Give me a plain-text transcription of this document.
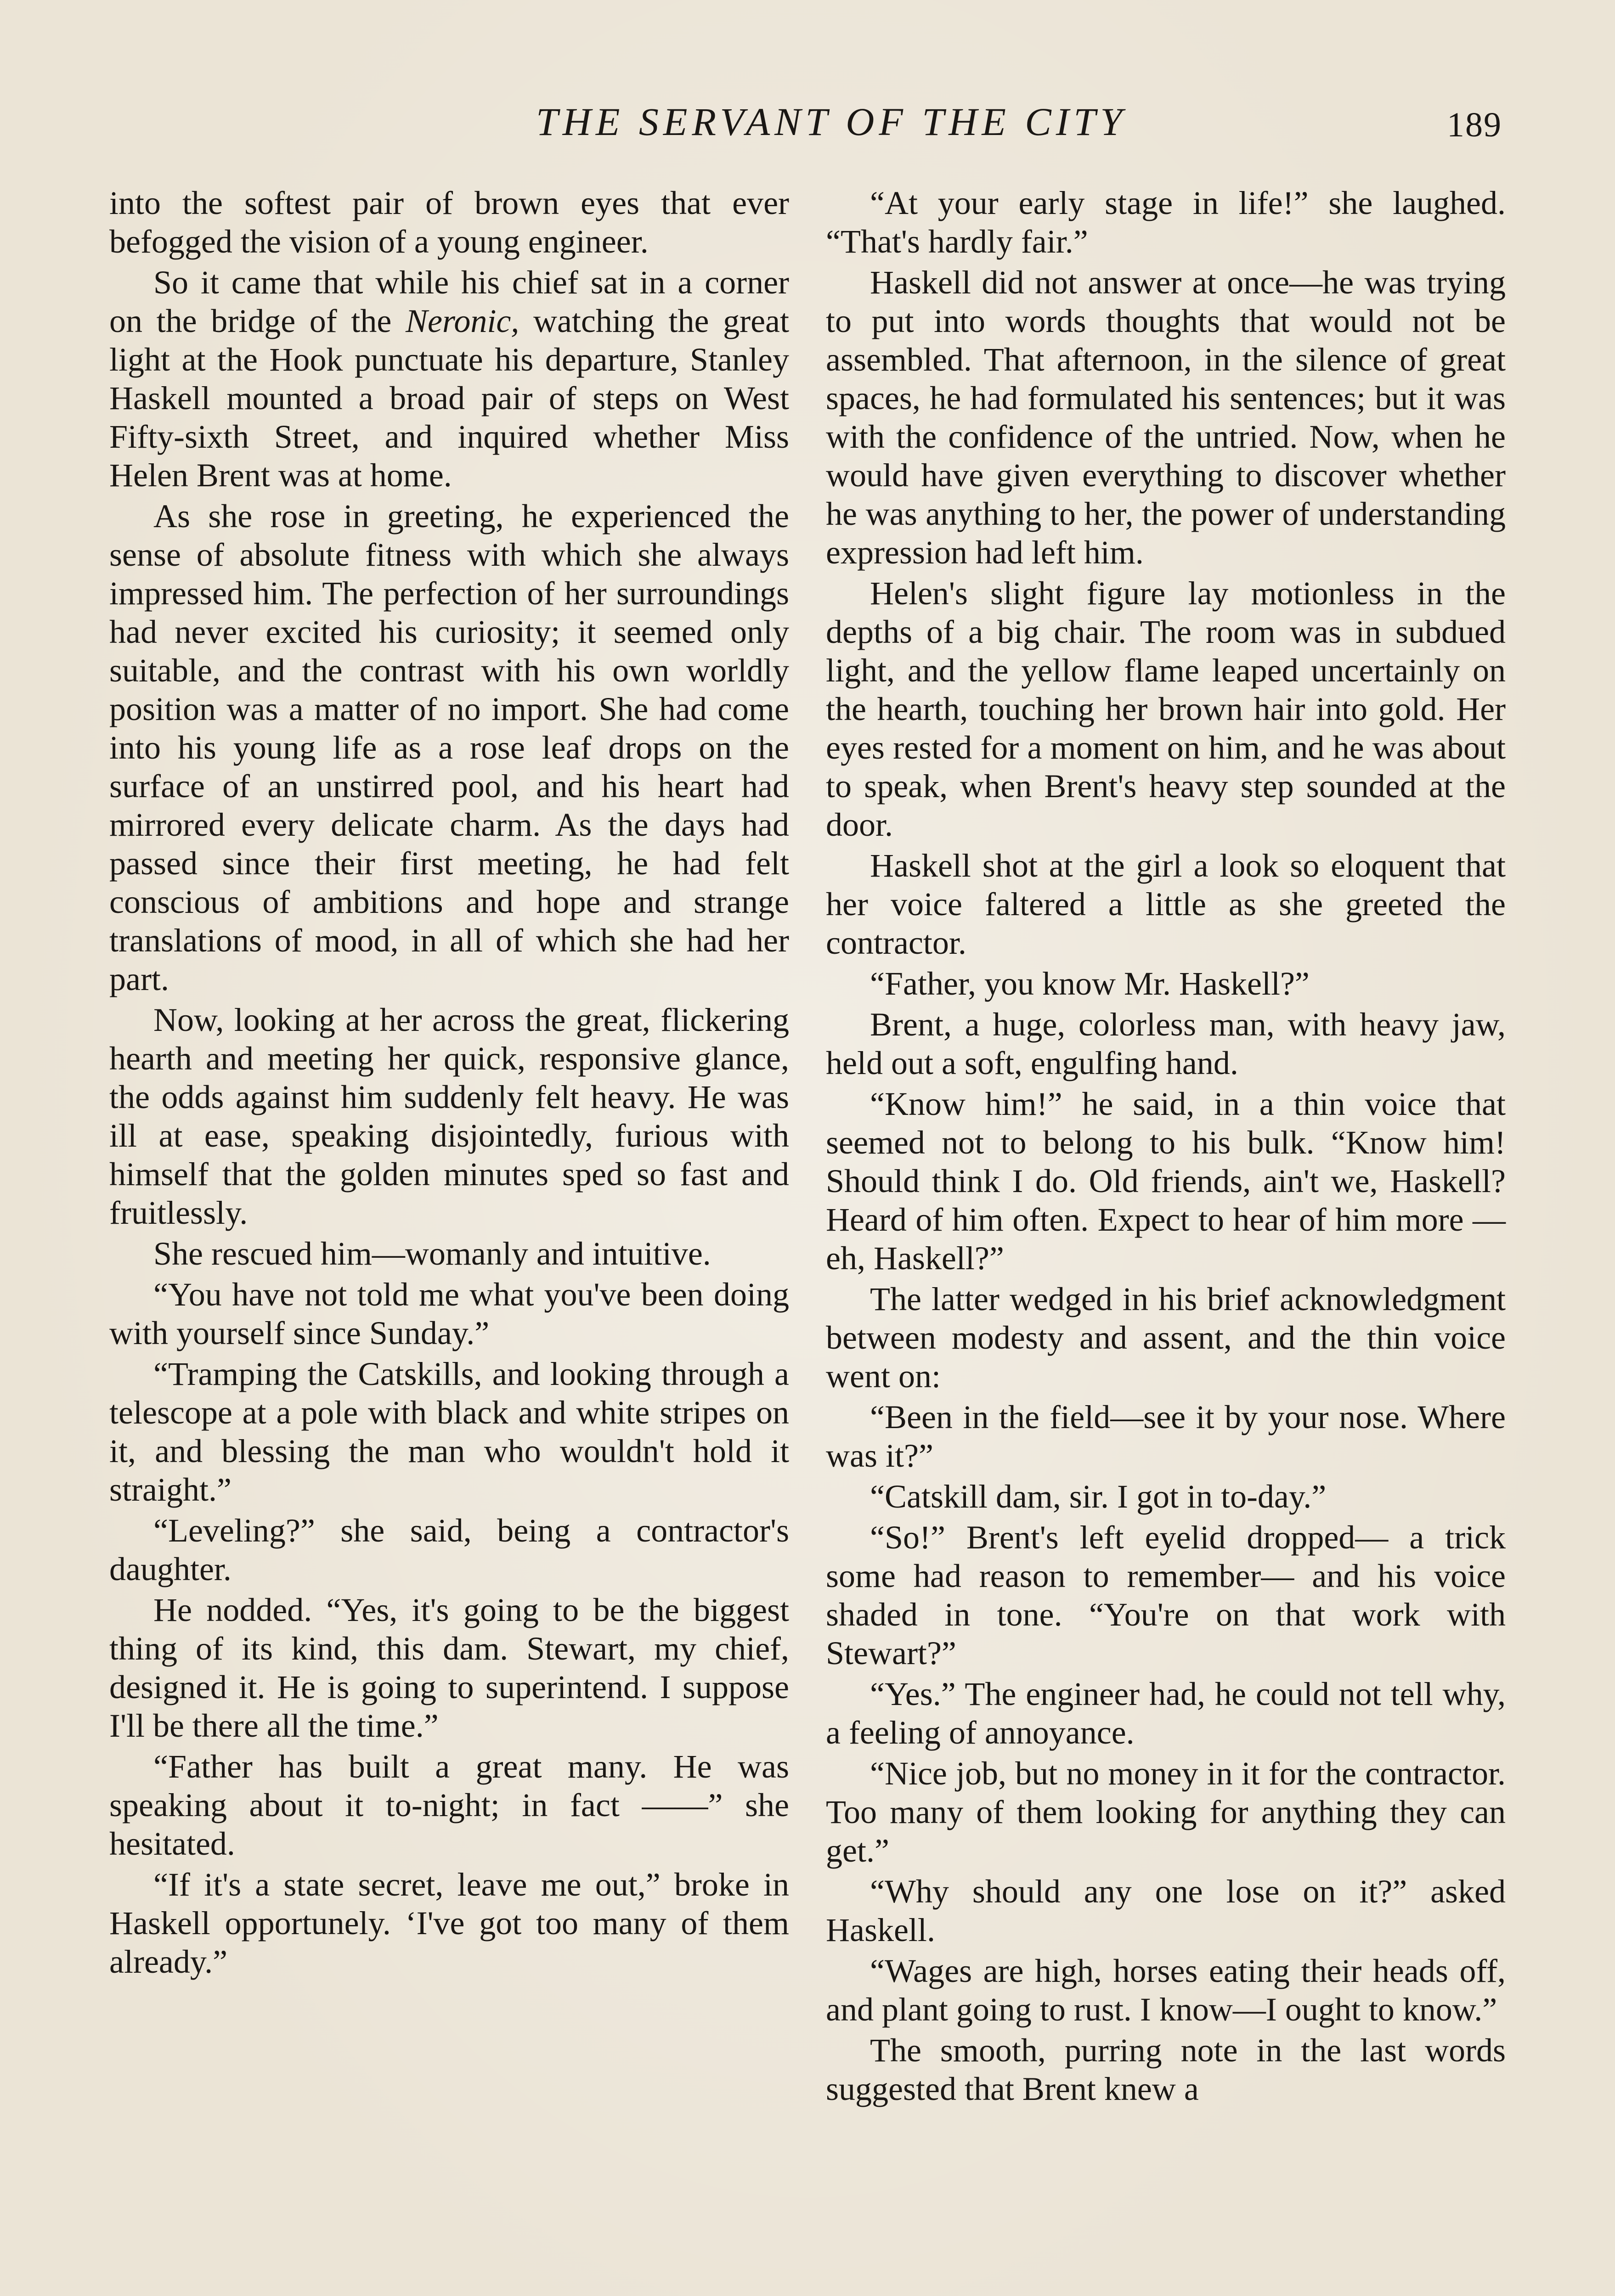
THE SERVANT OF THE CITY	189

into the softest pair of brown eyes that ever befogged the vision of a young engineer.

So it came that while his chief sat in a corner on the bridge of the Neronic, watching the great light at the Hook punctuate his departure, Stanley Haskell mounted a broad pair of steps on West Fifty-sixth Street, and inquired whether Miss Helen Brent was at home.

As she rose in greeting, he experienced the sense of absolute fitness with which she always impressed him. The perfection of her surroundings had never excited his curiosity; it seemed only suitable, and the contrast with his own worldly position was a matter of no import. She had come into his young life as a rose leaf drops on the surface of an unstirred pool, and his heart had mirrored every delicate charm. As the days had passed since their first meeting, he had felt conscious of ambitions and hope and strange translations of mood, in all of which she had her part.

Now, looking at her across the great, flickering hearth and meeting her quick, responsive glance, the odds against him suddenly felt heavy. He was ill at ease, speaking disjointedly, furious with himself that the golden minutes sped so fast and fruitlessly.

She rescued him—womanly and intuitive.

“You have not told me what you've been doing with yourself since Sunday.”

“Tramping the Catskills, and looking through a telescope at a pole with black and white stripes on it, and blessing the man who wouldn't hold it straight.”

“Leveling?” she said, being a contractor's daughter.

He nodded. “Yes, it's going to be the biggest thing of its kind, this dam. Stewart, my chief, designed it. He is going to superintend. I suppose I'll be there all the time.”

“Father has built a great many. He was speaking about it to-night; in fact ——” she hesitated.

“If it's a state secret, leave me out,” broke in Haskell opportunely. ‘I've got too many of them already.”

“At your early stage in life!” she laughed. “That's hardly fair.”

Haskell did not answer at once—he was trying to put into words thoughts that would not be assembled. That afternoon, in the silence of great spaces, he had formulated his sentences; but it was with the confidence of the untried. Now, when he would have given everything to discover whether he was anything to her, the power of understanding expression had left him.

Helen's slight figure lay motionless in the depths of a big chair. The room was in subdued light, and the yellow flame leaped uncertainly on the hearth, touching her brown hair into gold. Her eyes rested for a moment on him, and he was about to speak, when Brent's heavy step sounded at the door.

Haskell shot at the girl a look so eloquent that her voice faltered a little as she greeted the contractor.

“Father, you know Mr. Haskell?”

Brent, a huge, colorless man, with heavy jaw, held out a soft, engulfing hand.

“Know him!” he said, in a thin voice that seemed not to belong to his bulk. “Know him! Should think I do. Old friends, ain't we, Haskell? Heard of him often. Expect to hear of him more —eh, Haskell?”

The latter wedged in his brief acknowledgment between modesty and assent, and the thin voice went on:

“Been in the field—see it by your nose. Where was it?”

“Catskill dam, sir. I got in to-day.”

“So!” Brent's left eyelid dropped— a trick some had reason to remember— and his voice shaded in tone. “You're on that work with Stewart?”

“Yes.” The engineer had, he could not tell why, a feeling of annoyance.

“Nice job, but no money in it for the contractor. Too many of them looking for anything they can get.”

“Why should any one lose on it?” asked Haskell.

“Wages are high, horses eating their heads off, and plant going to rust. I know—I ought to know.”

The smooth, purring note in the last words suggested that Brent knew a
